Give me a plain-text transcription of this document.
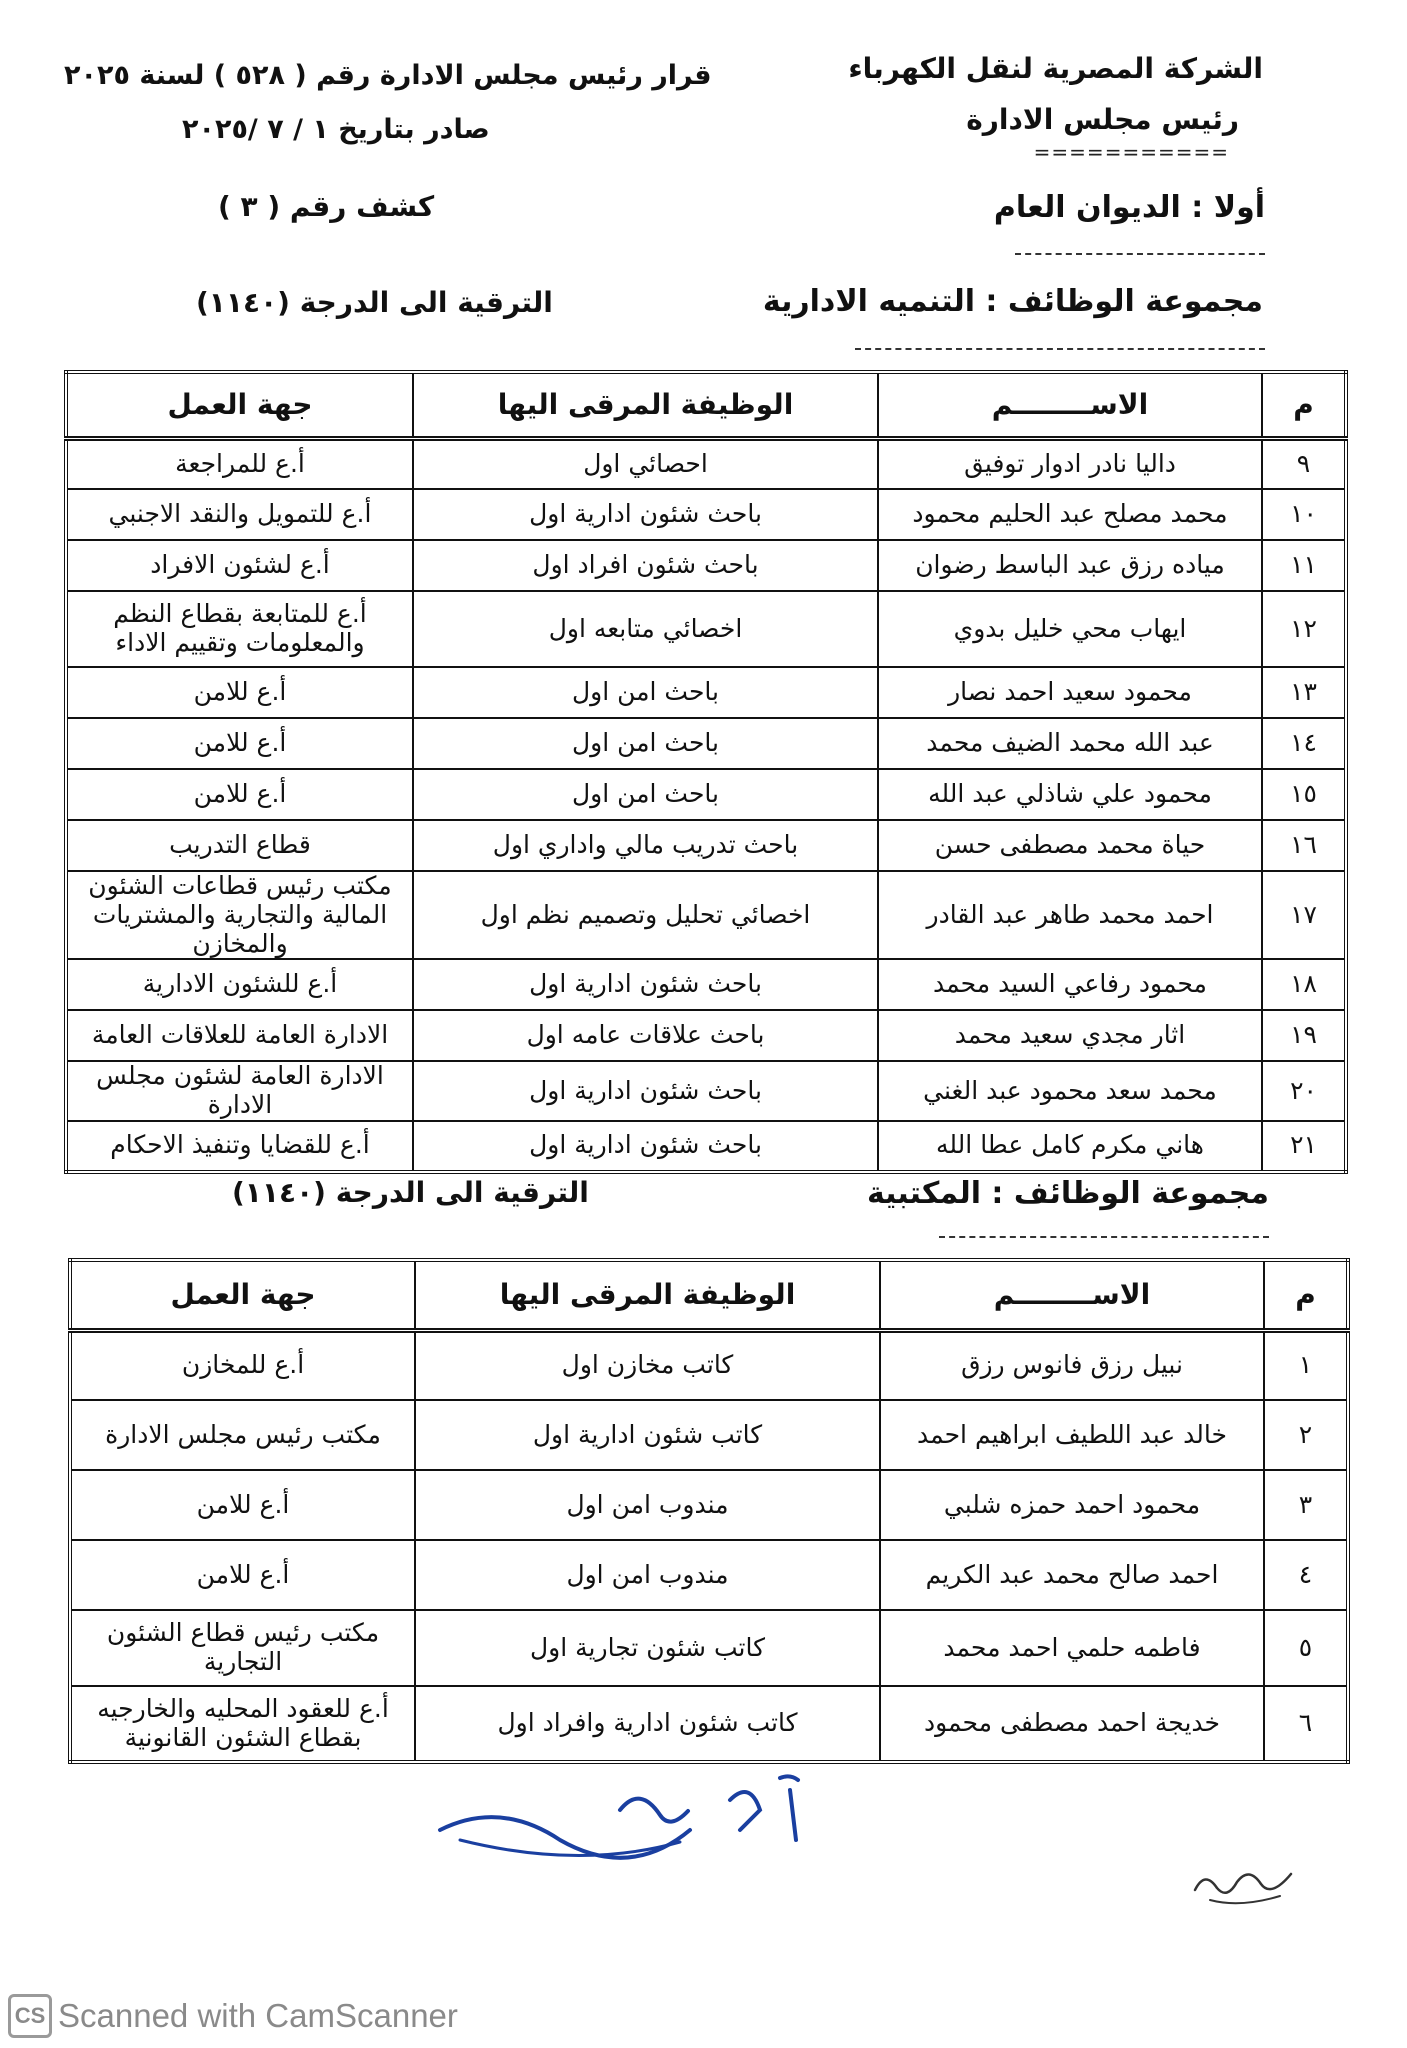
الشركة المصرية لنقل الكهرباء
رئيس مجلس الادارة
===========
أولا : الديوان العام
قرار رئيس مجلس الادارة رقم ( ٥٢٨ ) لسنة ٢٠٢٥
صادر بتاريخ ١ / ٧ /٢٠٢٥
كشف رقم ( ٣ )
مجموعة الوظائف : التنميه الادارية
الترقية الى الدرجة (١١٤٠)
م	الاســــــــم	الوظيفة المرقى اليها	جهة العمل
٩	داليا نادر ادوار توفيق	احصائي اول	أ.ع للمراجعة
١٠	محمد مصلح عبد الحليم محمود	باحث شئون ادارية اول	أ.ع للتمويل والنقد الاجنبي
١١	مياده رزق عبد الباسط رضوان	باحث شئون افراد اول	أ.ع لشئون الافراد
١٢	ايهاب محي خليل بدوي	اخصائي متابعه اول	أ.ع للمتابعة بقطاع النظم والمعلومات وتقييم الاداء
١٣	محمود سعيد احمد نصار	باحث امن اول	أ.ع للامن
١٤	عبد الله محمد الضيف محمد	باحث امن اول	أ.ع للامن
١٥	محمود علي شاذلي عبد الله	باحث امن اول	أ.ع للامن
١٦	حياة محمد مصطفى حسن	باحث تدريب مالي واداري اول	قطاع التدريب
١٧	احمد محمد طاهر عبد القادر	اخصائي تحليل وتصميم نظم اول	مكتب رئيس قطاعات الشئون المالية والتجارية والمشتريات والمخازن
١٨	محمود رفاعي السيد محمد	باحث شئون ادارية اول	أ.ع للشئون الادارية
١٩	اثار مجدي سعيد محمد	باحث علاقات عامه اول	الادارة العامة للعلاقات العامة
٢٠	محمد سعد محمود عبد الغني	باحث شئون ادارية اول	الادارة العامة لشئون مجلس الادارة
٢١	هاني مكرم كامل عطا الله	باحث شئون ادارية اول	أ.ع للقضايا وتنفيذ الاحكام
مجموعة الوظائف : المكتبية
الترقية الى الدرجة (١١٤٠)
م	الاســــــــم	الوظيفة المرقى اليها	جهة العمل
١	نبيل رزق فانوس رزق	كاتب مخازن اول	أ.ع للمخازن
٢	خالد عبد اللطيف ابراهيم احمد	كاتب شئون ادارية اول	مكتب رئيس مجلس الادارة
٣	محمود احمد حمزه شلبي	مندوب امن اول	أ.ع للامن
٤	احمد صالح محمد عبد الكريم	مندوب امن اول	أ.ع للامن
٥	فاطمه حلمي احمد محمد	كاتب شئون تجارية اول	مكتب رئيس قطاع الشئون التجارية
٦	خديجة احمد مصطفى محمود	كاتب شئون ادارية وافراد اول	أ.ع للعقود المحليه والخارجيه بقطاع الشئون القانونية
CS Scanned with CamScanner
